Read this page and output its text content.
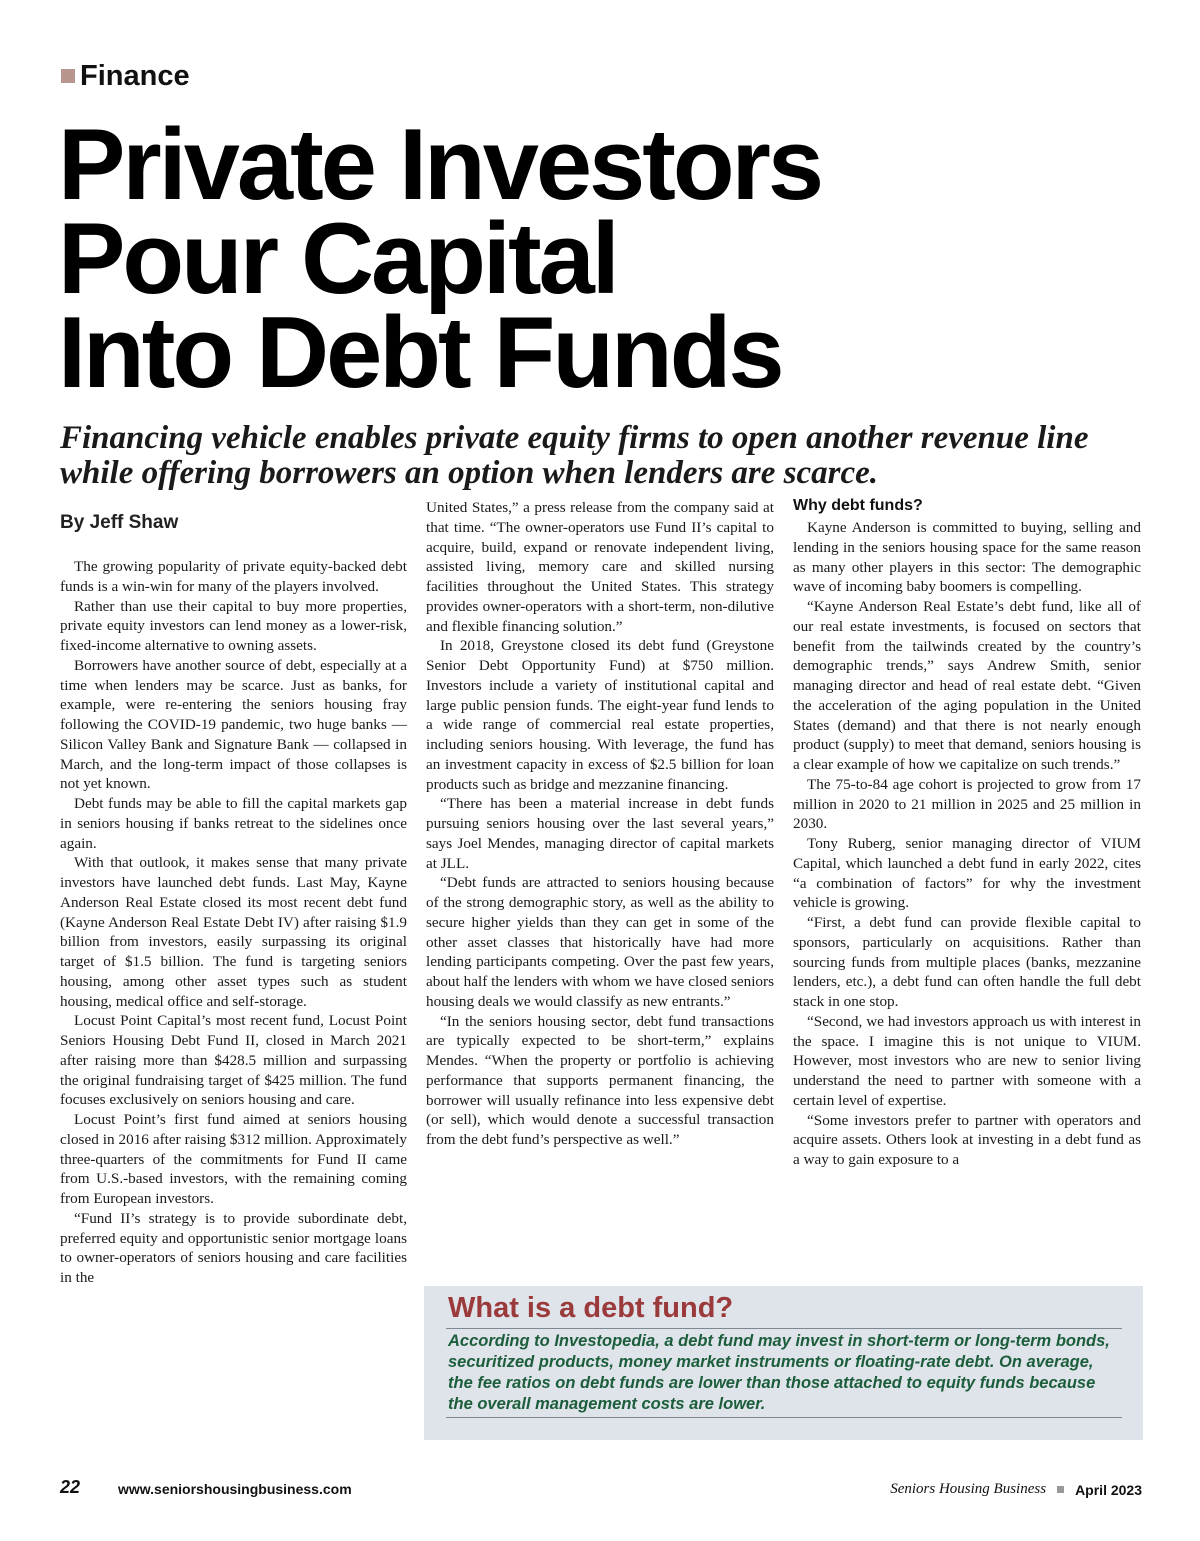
Finance
Private Investors
Pour Capital
Into Debt Funds

Financing vehicle enables private equity firms to open another revenue line while offering borrowers an option when lenders are scarce.

By Jeff Shaw

The growing popularity of private equity-backed debt funds is a win-win for many of the players involved.

Rather than use their capital to buy more properties, private equity investors can lend money as a lower-risk, fixed-income alternative to owning assets.

Borrowers have another source of debt, especially at a time when lenders may be scarce. Just as banks, for example, were re-entering the seniors housing fray following the COVID-19 pandemic, two huge banks — Silicon Valley Bank and Signature Bank — collapsed in March, and the long-term impact of those collapses is not yet known.

Debt funds may be able to fill the capital markets gap in seniors housing if banks retreat to the sidelines once again.

With that outlook, it makes sense that many private investors have launched debt funds. Last May, Kayne Anderson Real Estate closed its most recent debt fund (Kayne Anderson Real Estate Debt IV) after raising $1.9 billion from investors, easily surpassing its original target of $1.5 billion. The fund is targeting seniors housing, among other asset types such as student housing, medical office and self-storage.

Locust Point Capital’s most recent fund, Locust Point Seniors Housing Debt Fund II, closed in March 2021 after raising more than $428.5 million and surpassing the original fundraising target of $425 million. The fund focuses exclusively on seniors housing and care.

Locust Point’s first fund aimed at seniors housing closed in 2016 after raising $312 million. Approximately three-quarters of the commitments for Fund II came from U.S.-based investors, with the remaining coming from European investors.

“Fund II’s strategy is to provide subordinate debt, preferred equity and opportunistic senior mortgage loans to owner-operators of seniors housing and care facilities in the

United States,” a press release from the company said at that time. “The owner-operators use Fund II’s capital to acquire, build, expand or renovate independent living, assisted living, memory care and skilled nursing facilities throughout the United States. This strategy provides owner-operators with a short-term, non-dilutive and flexible financing solution.”

In 2018, Greystone closed its debt fund (Greystone Senior Debt Opportunity Fund) at $750 million. Investors include a variety of institutional capital and large public pension funds. The eight-year fund lends to a wide range of commercial real estate properties, including seniors housing. With leverage, the fund has an investment capacity in excess of $2.5 billion for loan products such as bridge and mezzanine financing.

“There has been a material increase in debt funds pursuing seniors housing over the last several years,” says Joel Mendes, managing director of capital markets at JLL.

“Debt funds are attracted to seniors housing because of the strong demographic story, as well as the ability to secure higher yields than they can get in some of the other asset classes that historically have had more lending participants competing. Over the past few years, about half the lenders with whom we have closed seniors housing deals we would classify as new entrants.”

“In the seniors housing sector, debt fund transactions are typically expected to be short-term,” explains Mendes. “When the property or portfolio is achieving performance that supports permanent financing, the borrower will usually refinance into less expensive debt (or sell), which would denote a successful transaction from the debt fund’s perspective as well.”

Why debt funds?

Kayne Anderson is committed to buying, selling and lending in the seniors housing space for the same reason as many other players in this sector: The demographic wave of incoming baby boomers is compelling.

“Kayne Anderson Real Estate’s debt fund, like all of our real estate investments, is focused on sectors that benefit from the tailwinds created by the country’s demographic trends,” says Andrew Smith, senior managing director and head of real estate debt. “Given the acceleration of the aging population in the United States (demand) and that there is not nearly enough product (supply) to meet that demand, seniors housing is a clear example of how we capitalize on such trends.”

The 75-to-84 age cohort is projected to grow from 17 million in 2020 to 21 million in 2025 and 25 million in 2030.

Tony Ruberg, senior managing director of VIUM Capital, which launched a debt fund in early 2022, cites “a combination of factors” for why the investment vehicle is growing.

“First, a debt fund can provide flexible capital to sponsors, particularly on acquisitions. Rather than sourcing funds from multiple places (banks, mezzanine lenders, etc.), a debt fund can often handle the full debt stack in one stop.

“Second, we had investors approach us with interest in the space. I imagine this is not unique to VIUM. However, most investors who are new to senior living understand the need to partner with someone with a certain level of expertise.

“Some investors prefer to partner with operators and acquire assets. Others look at investing in a debt fund as a way to gain exposure to a

What is a debt fund?

According to Investopedia, a debt fund may invest in short-term or long-term bonds, securitized products, money market instruments or floating-rate debt. On average, the fee ratios on debt funds are lower than those attached to equity funds because the overall management costs are lower.

22	www.seniorshousingbusiness.com	Seniors Housing Business April 2023
